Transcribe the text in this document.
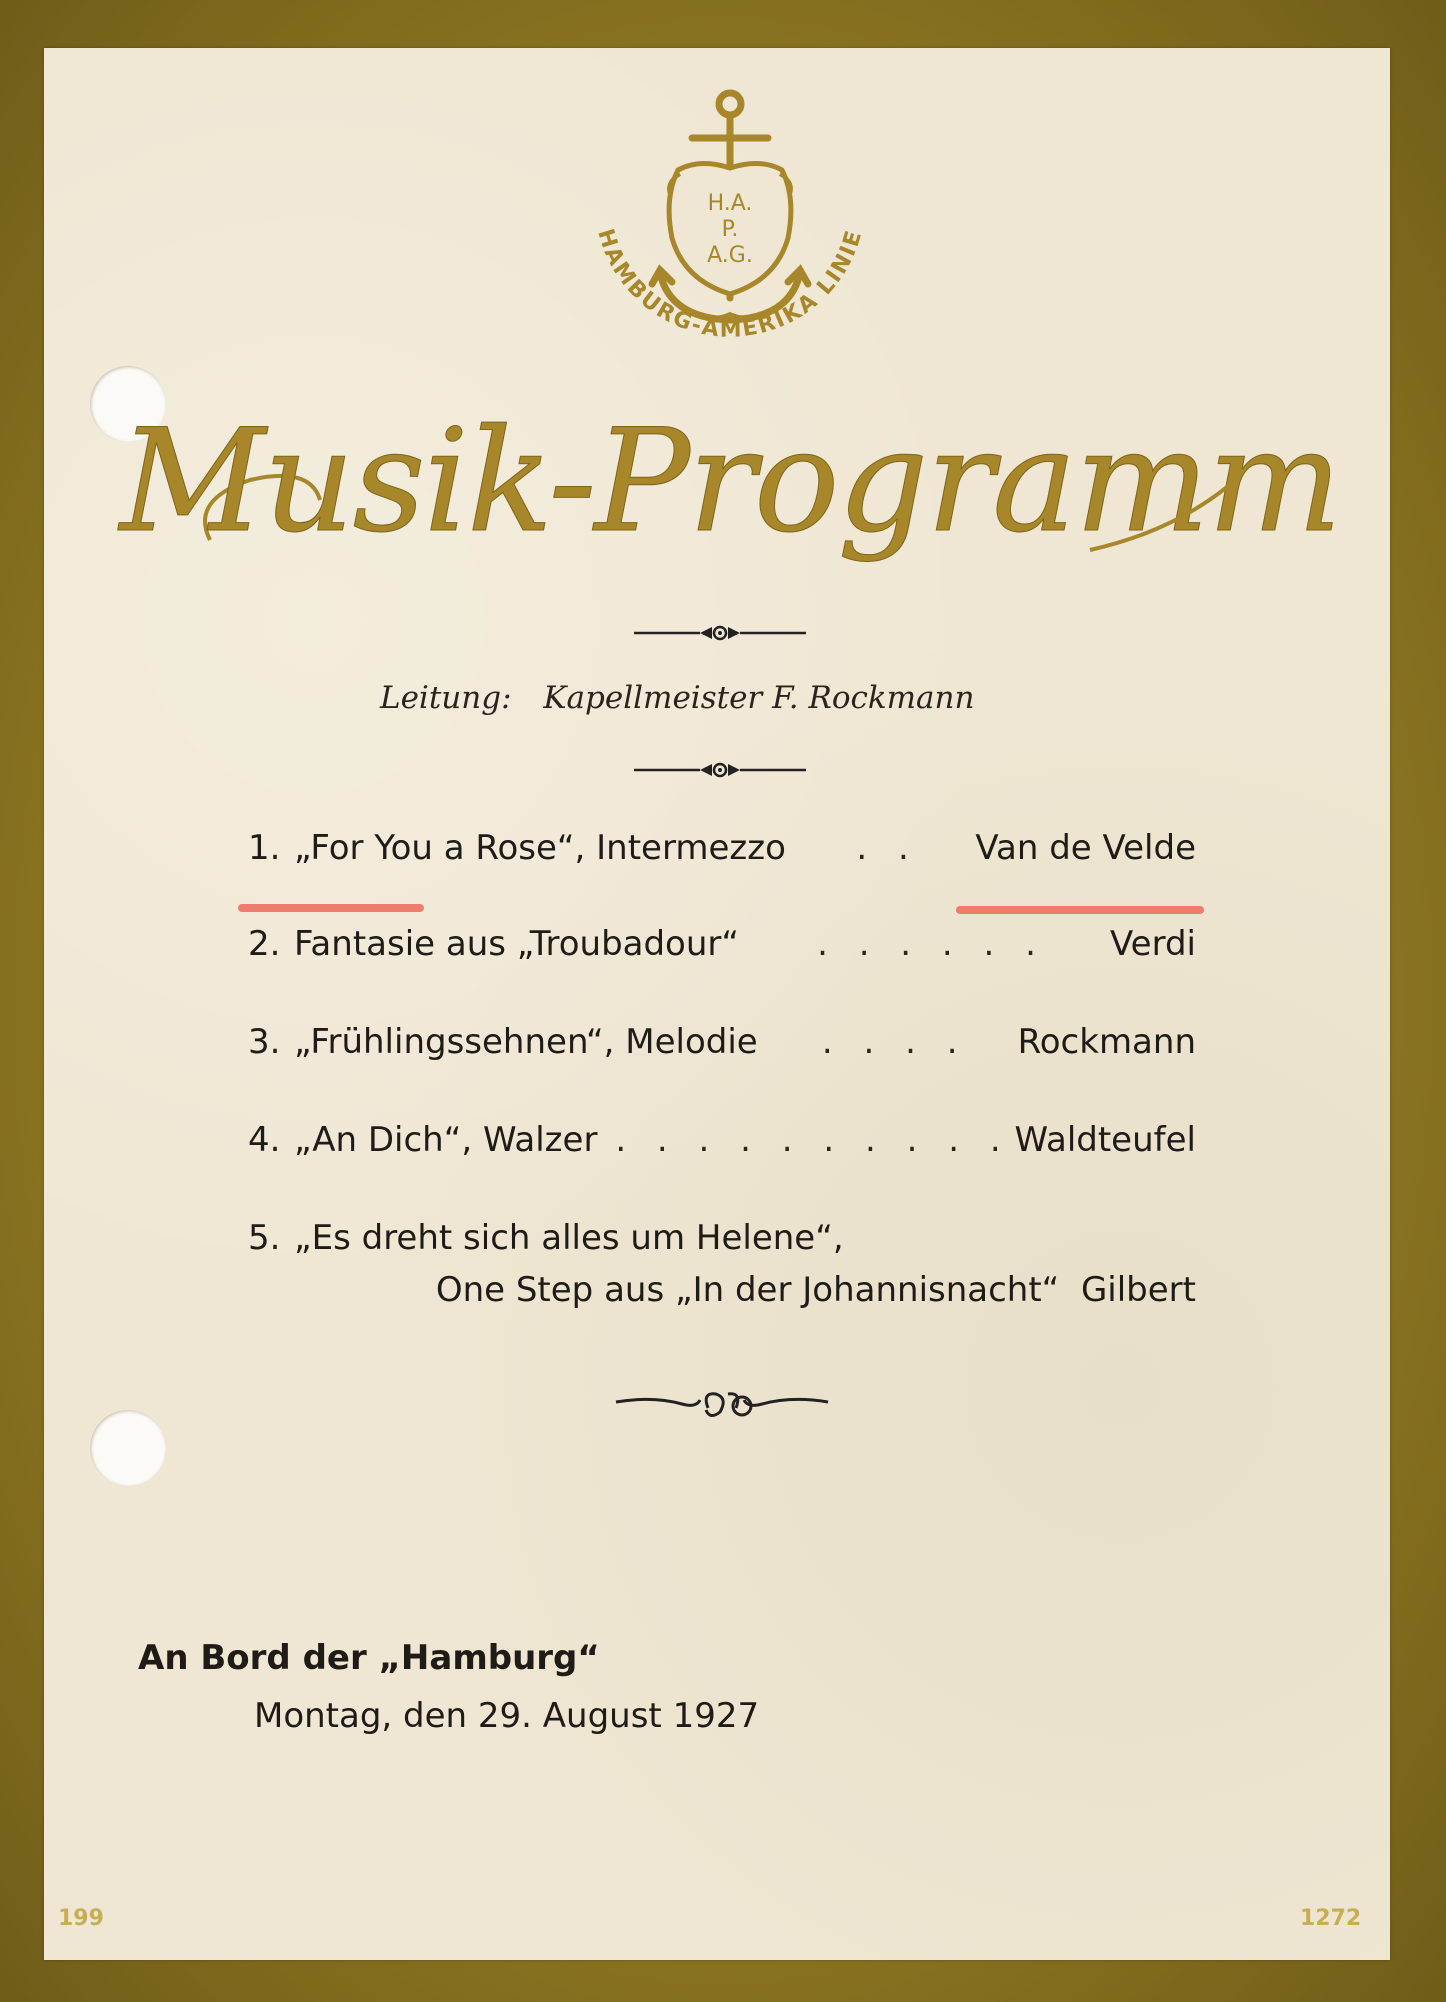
H.A.
P.
A.G.
HAMBURG-AMERIKA LINIE
Musik-Programm
Leitung: Kapellmeister F. Rockmann
1. „For You a Rose“, Intermezzo	. .	Van de Velde
2. Fantasie aus „Troubadour“	. . . . . .	Verdi
3. „Frühlingssehnen“, Melodie	. . . .	Rockmann
4. „An Dich“, Walzer . . . . . . . . . . Waldteufel
5. „Es dreht sich alles um Helene“,
One Step aus „In der Johannisnacht“ Gilbert
An Bord der „Hamburg“
Montag, den 29. August 1927
199	1272
